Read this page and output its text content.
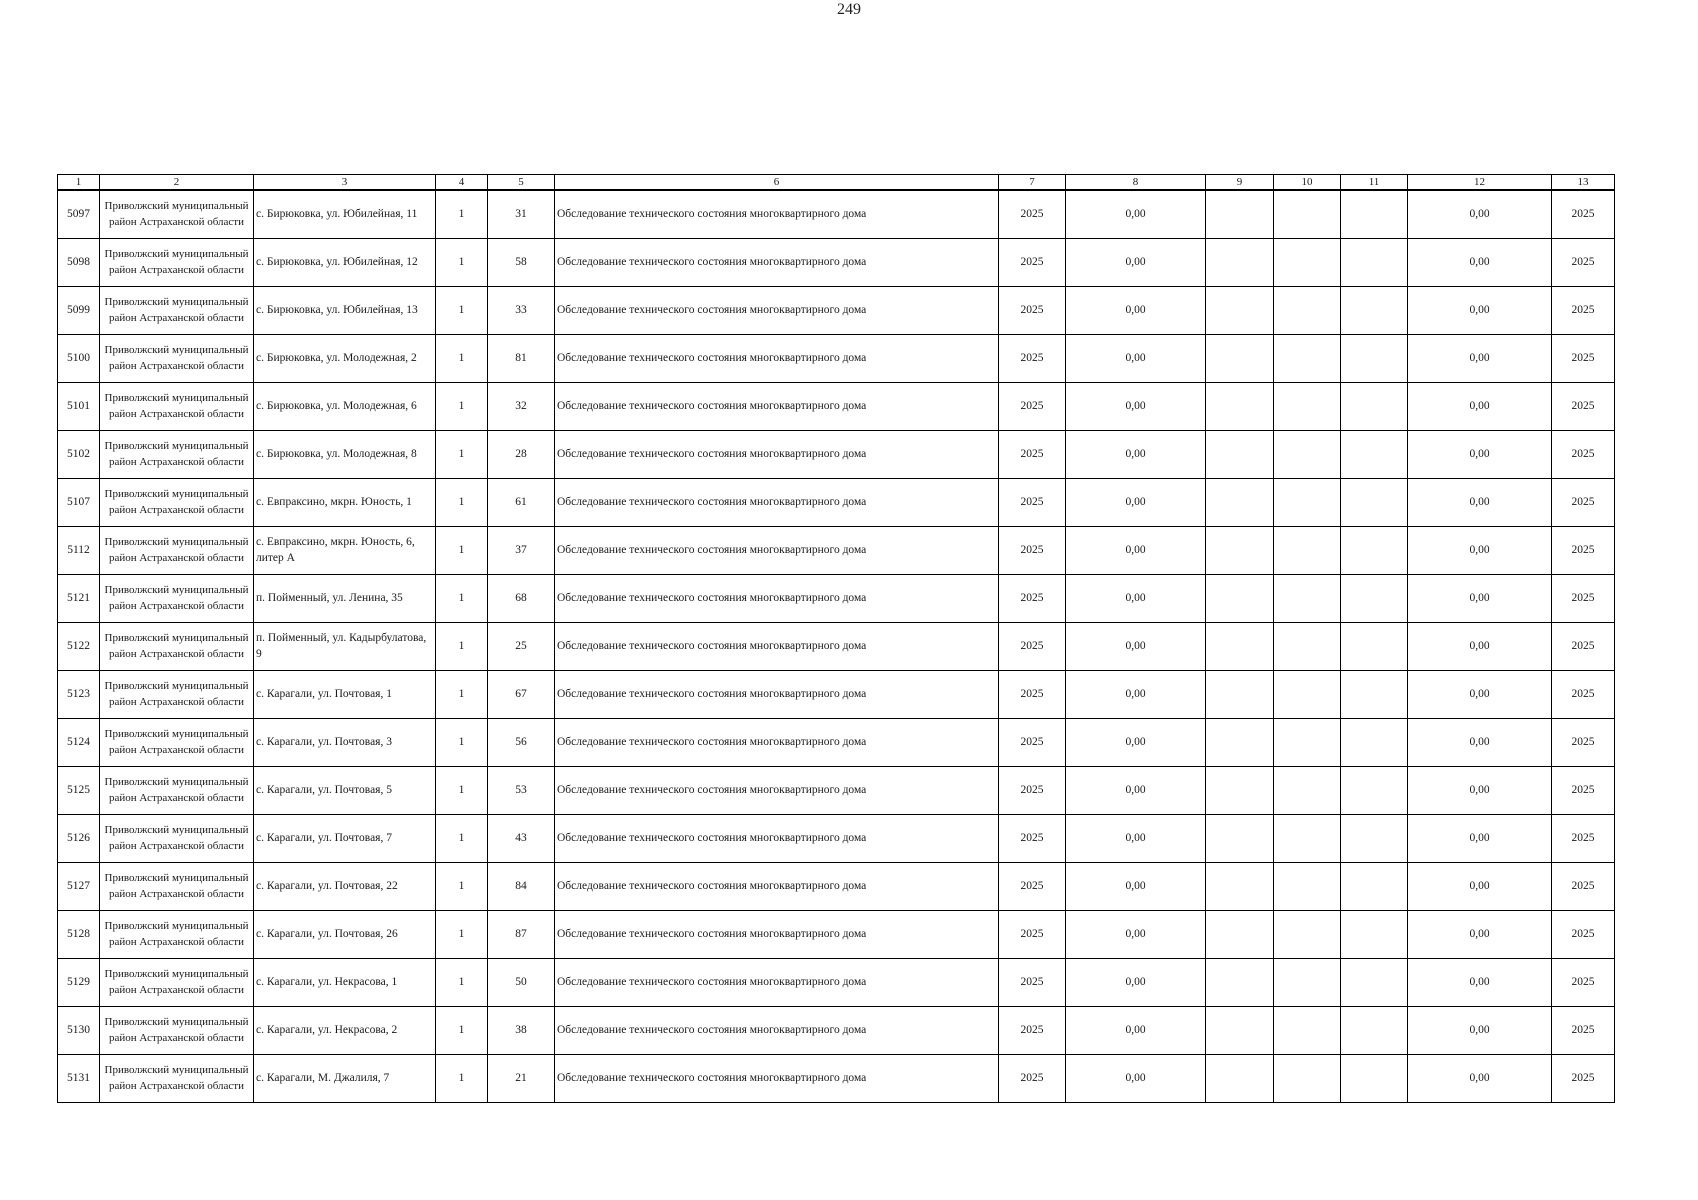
249
1	2	3	4	5	6	7	8	9	10	11	12	13
5097	Приволжский муниципальный район Астраханской области	с. Бирюковка, ул. Юбилейная, 11	1	31	Обследование технического состояния многоквартирного дома	2025	0,00				0,00	2025
5098	Приволжский муниципальный район Астраханской области	с. Бирюковка, ул. Юбилейная, 12	1	58	Обследование технического состояния многоквартирного дома	2025	0,00				0,00	2025
5099	Приволжский муниципальный район Астраханской области	с. Бирюковка, ул. Юбилейная, 13	1	33	Обследование технического состояния многоквартирного дома	2025	0,00				0,00	2025
5100	Приволжский муниципальный район Астраханской области	с. Бирюковка, ул. Молодежная, 2	1	81	Обследование технического состояния многоквартирного дома	2025	0,00				0,00	2025
5101	Приволжский муниципальный район Астраханской области	с. Бирюковка, ул. Молодежная, 6	1	32	Обследование технического состояния многоквартирного дома	2025	0,00				0,00	2025
5102	Приволжский муниципальный район Астраханской области	с. Бирюковка, ул. Молодежная, 8	1	28	Обследование технического состояния многоквартирного дома	2025	0,00				0,00	2025
5107	Приволжский муниципальный район Астраханской области	с. Евпраксино, мкрн. Юность, 1	1	61	Обследование технического состояния многоквартирного дома	2025	0,00				0,00	2025
5112	Приволжский муниципальный район Астраханской области	с. Евпраксино, мкрн. Юность, 6, литер А	1	37	Обследование технического состояния многоквартирного дома	2025	0,00				0,00	2025
5121	Приволжский муниципальный район Астраханской области	п. Пойменный, ул. Ленина, 35	1	68	Обследование технического состояния многоквартирного дома	2025	0,00				0,00	2025
5122	Приволжский муниципальный район Астраханской области	п. Пойменный, ул. Кадырбулатова, 9	1	25	Обследование технического состояния многоквартирного дома	2025	0,00				0,00	2025
5123	Приволжский муниципальный район Астраханской области	с. Карагали, ул. Почтовая, 1	1	67	Обследование технического состояния многоквартирного дома	2025	0,00				0,00	2025
5124	Приволжский муниципальный район Астраханской области	с. Карагали, ул. Почтовая, 3	1	56	Обследование технического состояния многоквартирного дома	2025	0,00				0,00	2025
5125	Приволжский муниципальный район Астраханской области	с. Карагали, ул. Почтовая, 5	1	53	Обследование технического состояния многоквартирного дома	2025	0,00				0,00	2025
5126	Приволжский муниципальный район Астраханской области	с. Карагали, ул. Почтовая, 7	1	43	Обследование технического состояния многоквартирного дома	2025	0,00				0,00	2025
5127	Приволжский муниципальный район Астраханской области	с. Карагали, ул. Почтовая, 22	1	84	Обследование технического состояния многоквартирного дома	2025	0,00				0,00	2025
5128	Приволжский муниципальный район Астраханской области	с. Карагали, ул. Почтовая, 26	1	87	Обследование технического состояния многоквартирного дома	2025	0,00				0,00	2025
5129	Приволжский муниципальный район Астраханской области	с. Карагали, ул. Некрасова, 1	1	50	Обследование технического состояния многоквартирного дома	2025	0,00				0,00	2025
5130	Приволжский муниципальный район Астраханской области	с. Карагали, ул. Некрасова, 2	1	38	Обследование технического состояния многоквартирного дома	2025	0,00				0,00	2025
5131	Приволжский муниципальный район Астраханской области	с. Карагали, М. Джалиля, 7	1	21	Обследование технического состояния многоквартирного дома	2025	0,00				0,00	2025
